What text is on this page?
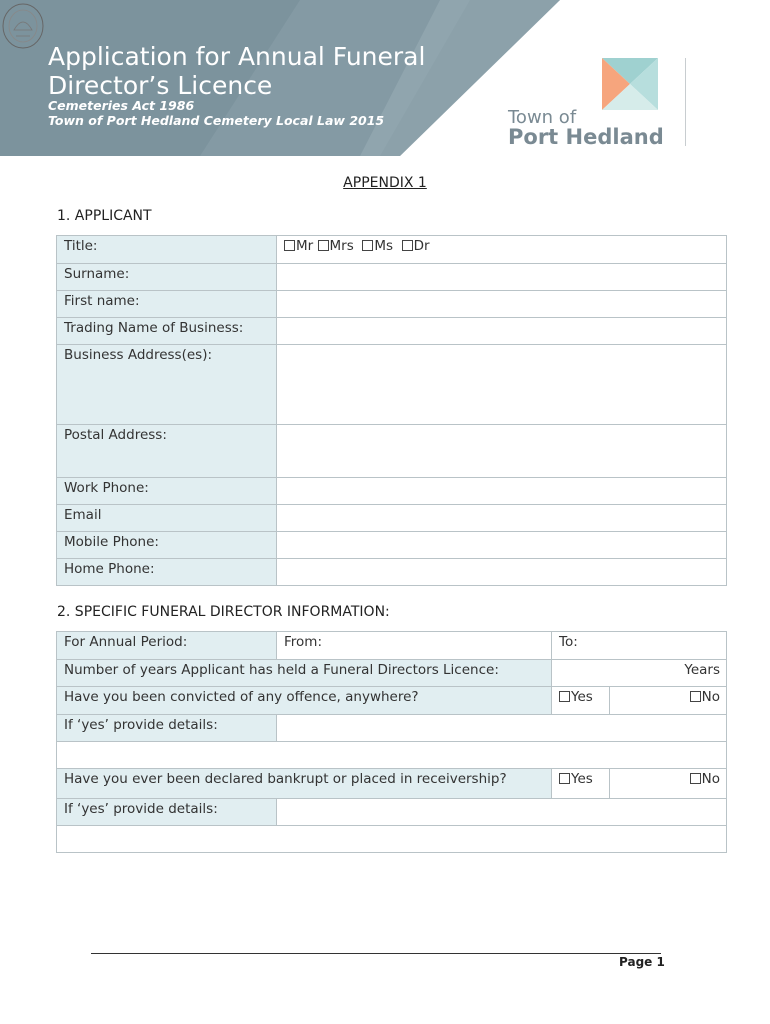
Application for Annual Funeral
Director’s Licence
Cemeteries Act 1986
Town of Port Hedland Cemetery Local Law 2015	Town of
Port Hedland
APPENDIX 1
1. APPLICANT
Title:	Mr Mrs Ms Dr
Surname:	
First name:	
Trading Name of Business:	
Business Address(es):	
Postal Address:	
Work Phone:	
Email	
Mobile Phone:	
Home Phone:	
2. SPECIFIC FUNERAL DIRECTOR INFORMATION:
For Annual Period:	From:	To:	
Number of years Applicant has held a Funeral Directors Licence:		Years	
Have you been convicted of any offence, anywhere?		Yes	No
If ‘yes’ provide details:			

Have you ever been declared bankrupt or placed in receivership?		Yes	No
If ‘yes’ provide details:			

Page 1
